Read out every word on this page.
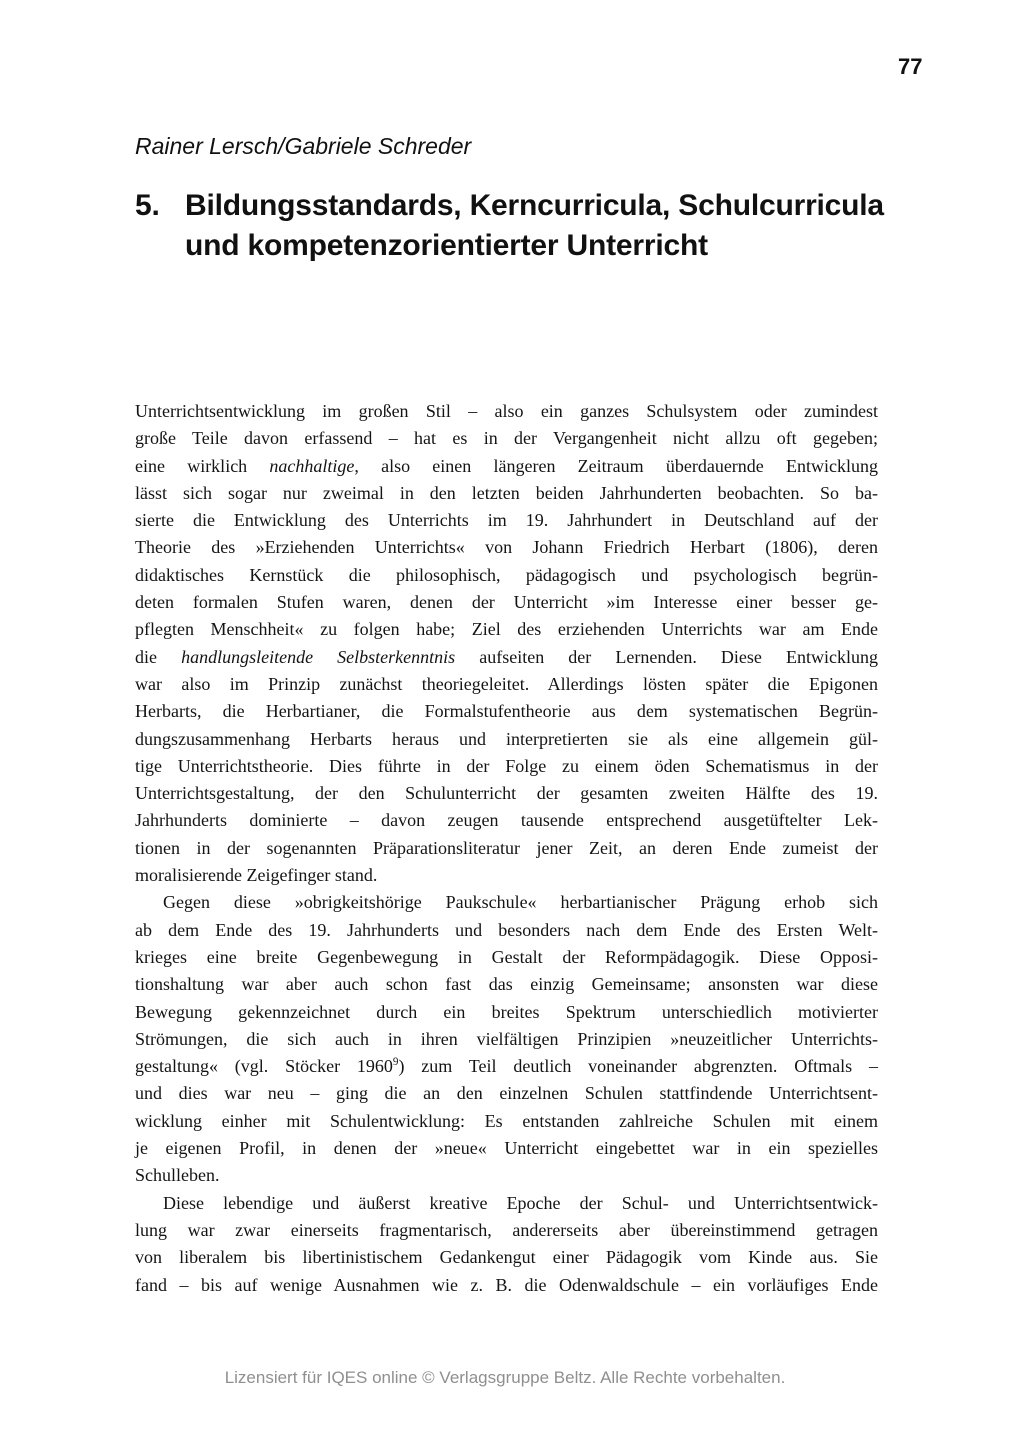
77
Rainer Lersch/Gabriele Schreder
5. Bildungsstandards, Kerncurricula, Schulcurricula und kompetenzorientierter Unterricht
Unterrichtsentwicklung im großen Stil – also ein ganzes Schulsystem oder zumindest
große Teile davon erfassend – hat es in der Vergangenheit nicht allzu oft gegeben;
eine wirklich nachhaltige, also einen längeren Zeitraum überdauernde Entwicklung
lässt sich sogar nur zweimal in den letzten beiden Jahrhunderten beobachten. So ba-
sierte die Entwicklung des Unterrichts im 19. Jahrhundert in Deutschland auf der
Theorie des »Erziehenden Unterrichts« von Johann Friedrich Herbart (1806), deren
didaktisches Kernstück die philosophisch, pädagogisch und psychologisch begrün-
deten formalen Stufen waren, denen der Unterricht »im Interesse einer besser ge-
pflegten Menschheit« zu folgen habe; Ziel des erziehenden Unterrichts war am Ende
die handlungsleitende Selbsterkenntnis aufseiten der Lernenden. Diese Entwicklung
war also im Prinzip zunächst theoriegeleitet. Allerdings lösten später die Epigonen
Herbarts, die Herbartianer, die Formalstufentheorie aus dem systematischen Begrün-
dungszusammenhang Herbarts heraus und interpretierten sie als eine allgemein gül-
tige Unterrichtstheorie. Dies führte in der Folge zu einem öden Schematismus in der
Unterrichtsgestaltung, der den Schulunterricht der gesamten zweiten Hälfte des 19.
Jahrhunderts dominierte – davon zeugen tausende entsprechend ausgetüftelter Lek-
tionen in der sogenannten Präparationsliteratur jener Zeit, an deren Ende zumeist der
moralisierende Zeigefinger stand.
Gegen diese »obrigkeitshörige Paukschule« herbartianischer Prägung erhob sich
ab dem Ende des 19. Jahrhunderts und besonders nach dem Ende des Ersten Welt-
krieges eine breite Gegenbewegung in Gestalt der Reformpädagogik. Diese Opposi-
tionshaltung war aber auch schon fast das einzig Gemeinsame; ansonsten war diese
Bewegung gekennzeichnet durch ein breites Spektrum unterschiedlich motivierter
Strömungen, die sich auch in ihren vielfältigen Prinzipien »neuzeitlicher Unterrichts-
gestaltung« (vgl. Stöcker 1960$^9$) zum Teil deutlich voneinander abgrenzten. Oftmals –
und dies war neu – ging die an den einzelnen Schulen stattfindende Unterrichtsent-
wicklung einher mit Schulentwicklung: Es entstanden zahlreiche Schulen mit einem
je eigenen Profil, in denen der »neue« Unterricht eingebettet war in ein spezielles
Schulleben.
Diese lebendige und äußerst kreative Epoche der Schul- und Unterrichtsentwick-
lung war zwar einerseits fragmentarisch, andererseits aber übereinstimmend getragen
von liberalem bis libertinistischem Gedankengut einer Pädagogik vom Kinde aus. Sie
fand – bis auf wenige Ausnahmen wie z. B. die Odenwaldschule – ein vorläufiges Ende
Lizensiert für IQES online © Verlagsgruppe Beltz. Alle Rechte vorbehalten.
